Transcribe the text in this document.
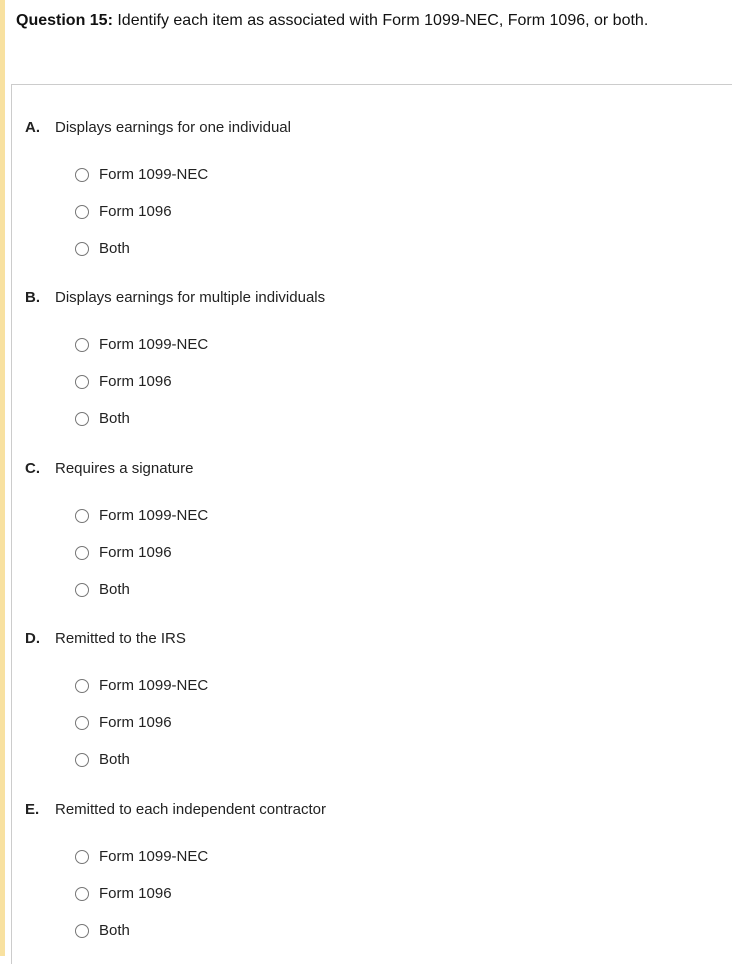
Question 15: Identify each item as associated with Form 1099-NEC, Form 1096, or both.
A. Displays earnings for one individual
Form 1099-NEC
Form 1096
Both
B. Displays earnings for multiple individuals
Form 1099-NEC
Form 1096
Both
C. Requires a signature
Form 1099-NEC
Form 1096
Both
D. Remitted to the IRS
Form 1099-NEC
Form 1096
Both
E. Remitted to each independent contractor
Form 1099-NEC
Form 1096
Both
